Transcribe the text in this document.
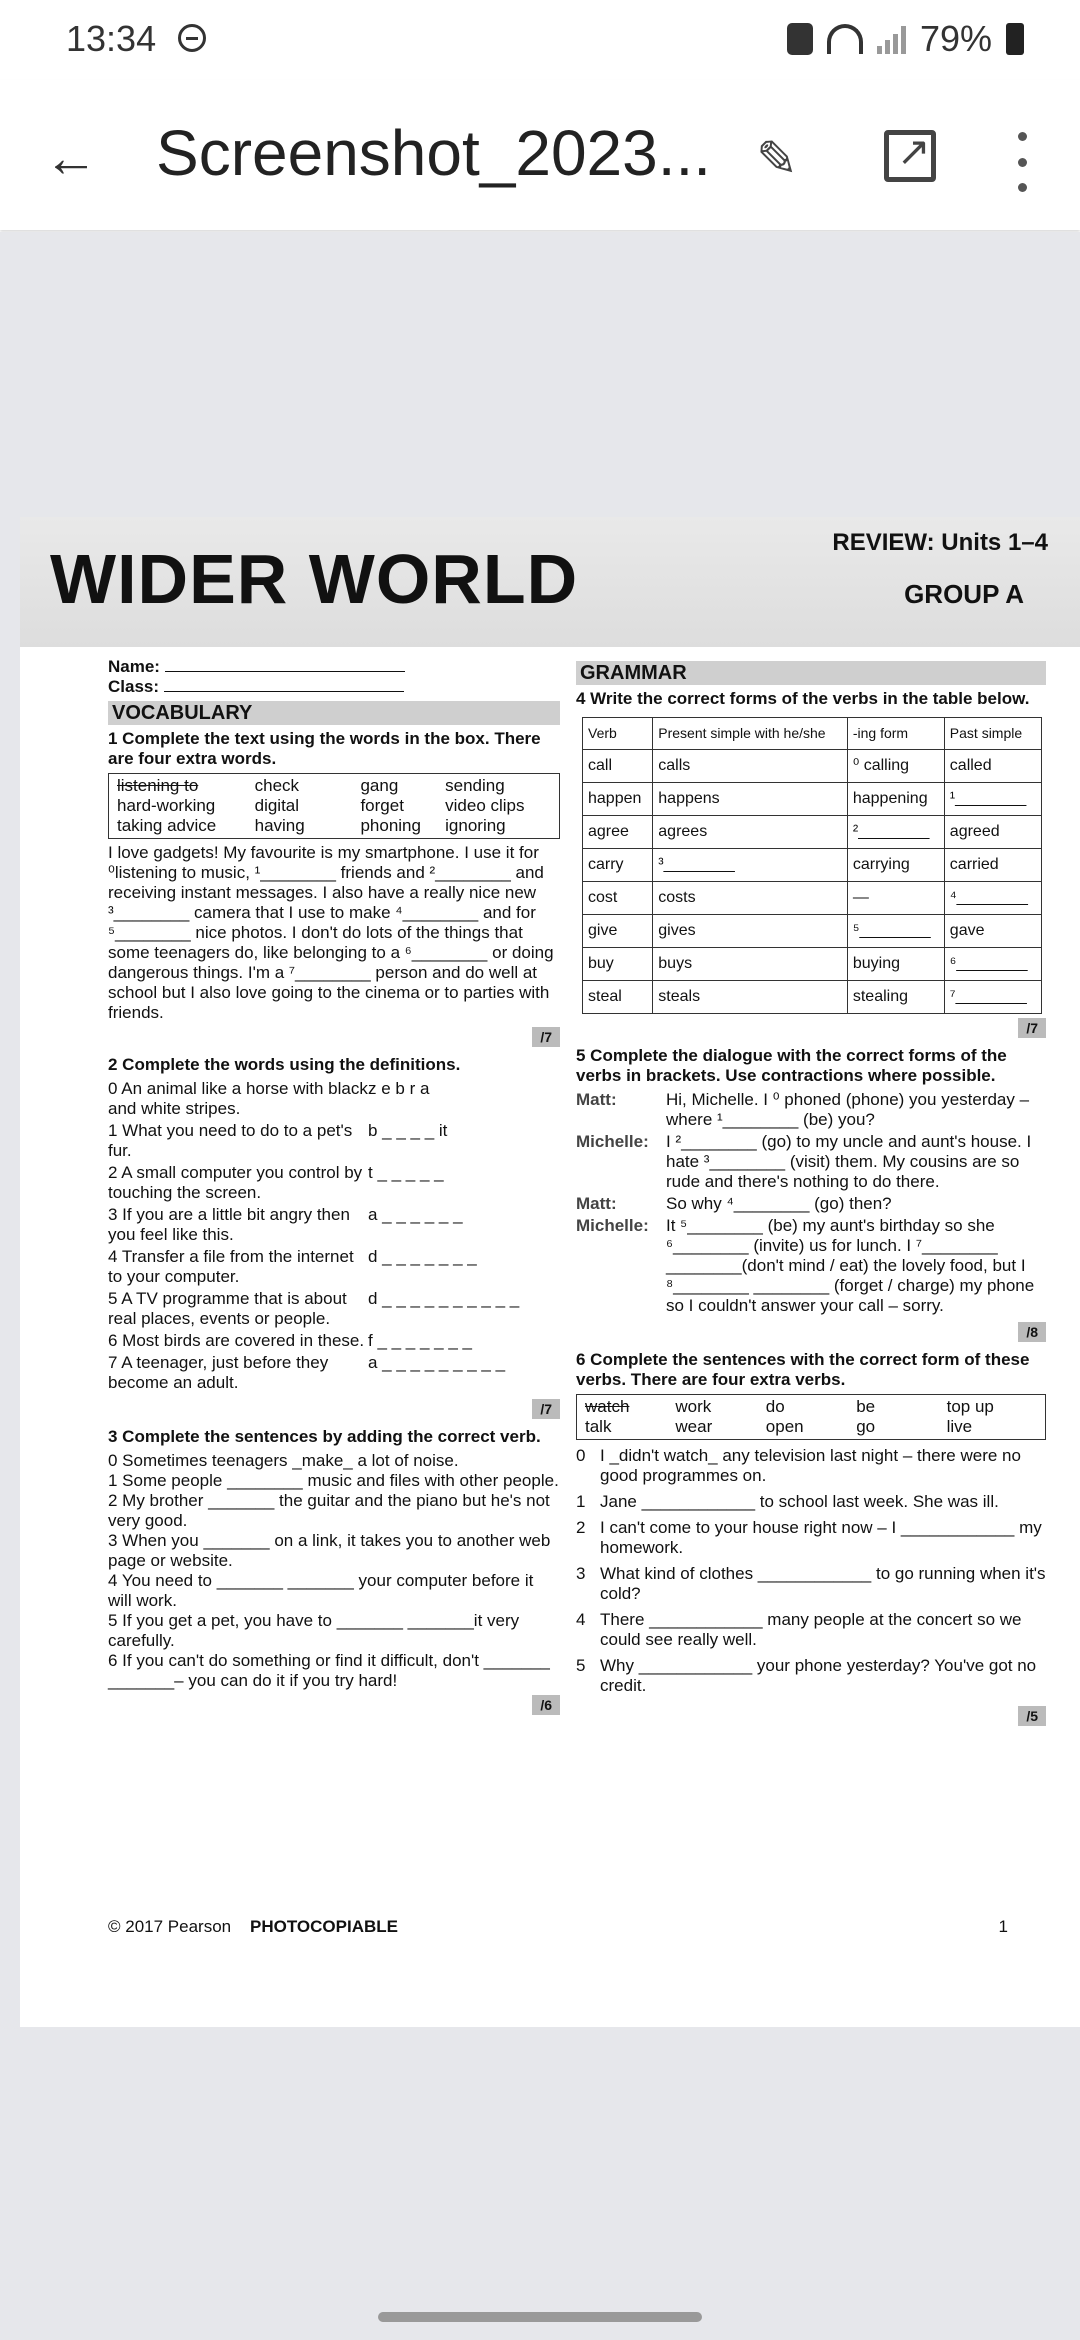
13:34	79%
← Screenshot_2023... ✎
↗
WIDER WORLD	REVIEW: Units 1–4
GROUP A
Name:
Class:
VOCABULARY
1 Complete the text using the words in the box. There are four extra words.
listening to	check	gang	sending
hard-working	digital	forget	video clips
taking advice	having	phoning	ignoring
I love gadgets! My favourite is my smartphone. I use it for ⁰listening to music, ¹________ friends and ²________ and receiving instant messages. I also have a really nice new ³________ camera that I use to make ⁴________ and for ⁵________ nice photos. I don't do lots of the things that some teenagers do, like belonging to a ⁶________ or doing dangerous things. I'm a ⁷________ person and do well at school but I also love going to the cinema or to parties with friends.
/7
2 Complete the words using the definitions.
0 An animal like a horse with black and white stripes.
z e b r a
1 What you need to do to a pet's fur.
b _ _ _ _ it
2 A small computer you control by touching the screen.
t _ _ _ _ _
3 If you are a little bit angry then you feel like this.
a _ _ _ _ _ _
4 Transfer a file from the internet to your computer.
d _ _ _ _ _ _ _
5 A TV programme that is about real places, events or people.
d _ _ _ _ _ _ _ _ _ _
6 Most birds are covered in these. f _ _ _ _ _ _ _
7 A teenager, just before they become an adult.
a _ _ _ _ _ _ _ _ _
/7
3 Complete the sentences by adding the correct verb.
0 Sometimes teenagers _make_ a lot of noise.
1 Some people ________ music and files with other people.
2 My brother _______ the guitar and the piano but he's not very good.
3 When you _______ on a link, it takes you to another web page or website.
4 You need to _______ _______ your computer before it will work.
5 If you get a pet, you have to _______ _______it very carefully.
6 If you can't do something or find it difficult, don't _______ _______– you can do it if you try hard!
/6
GRAMMAR
4 Write the correct forms of the verbs in the table below.
Verb	Present simple with he/she	-ing form	Past simple
call	calls	⁰ calling	called
happen	happens	happening	¹________
agree	agrees	²________	agreed
carry	³________	carrying	carried
cost	costs	—	⁴________
give	gives	⁵________	gave
buy	buys	buying	⁶________
steal	steals	stealing	⁷________
/7
5 Complete the dialogue with the correct forms of the verbs in brackets. Use contractions where possible.
Matt:	Hi, Michelle. I ⁰ phoned (phone) you yesterday – where ¹________ (be) you?
Michelle:	I ²________ (go) to my uncle and aunt's house. I hate ³________ (visit) them. My cousins are so rude and there's nothing to do there.
Matt:	So why ⁴________ (go) then?
Michelle:	It ⁵________ (be) my aunt's birthday so she ⁶________ (invite) us for lunch. I ⁷________ ________(don't mind / eat) the lovely food, but I ⁸________ ________ (forget / charge) my phone so I couldn't answer your call – sorry.
/8
6 Complete the sentences with the correct form of these verbs. There are four extra verbs.
watch	work	do	be	top up
talk	wear	open	go	live
0 I _didn't watch_ any television last night – there were no good programmes on.
1 Jane ____________ to school last week. She was ill.
2 I can't come to your house right now – I ____________ my homework.
3 What kind of clothes ____________ to go running when it's cold?
4 There ____________ many people at the concert so we could see really well.
5 Why ____________ your phone yesterday? You've got no credit.
/5
© 2017 Pearson PHOTOCOPIABLE	1
